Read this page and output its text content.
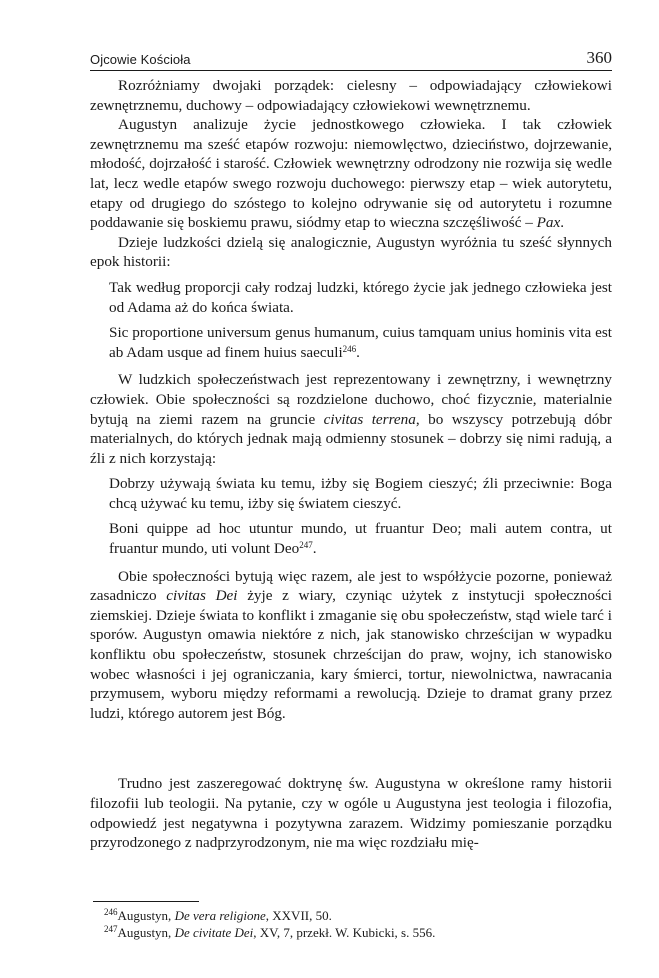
Ojcowie Kościoła	360

Rozróżniamy dwojaki porządek: cielesny – odpowiadający człowiekowi zewnętrznemu, duchowy – odpowiadający człowiekowi wewnętrznemu.

Augustyn analizuje życie jednostkowego człowieka. I tak człowiek zewnętrznemu ma sześć etapów rozwoju: niemowlęctwo, dzieciństwo, dojrzewanie, młodość, dojrzałość i starość. Człowiek wewnętrzny odrodzony nie rozwija się wedle lat, lecz wedle etapów swego rozwoju duchowego: pierwszy etap – wiek autorytetu, etapy od drugiego do szóstego to kolejno odrywanie się od autorytetu i rozumne poddawanie się boskiemu prawu, siódmy etap to wieczna szczęśliwość – Pax.

Dzieje ludzkości dzielą się analogicznie, Augustyn wyróżnia tu sześć słynnych epok historii:

Tak według proporcji cały rodzaj ludzki, którego życie jak jednego człowieka jest od Adama aż do końca świata.

Sic proportione universum genus humanum, cuius tamquam unius hominis vita est ab Adam usque ad finem huius saeculi$^{246}$.

W ludzkich społeczeństwach jest reprezentowany i zewnętrzny, i wewnętrzny człowiek. Obie społeczności są rozdzielone duchowo, choć fizycznie, materialnie bytują na ziemi razem na gruncie civitas terrena, bo wszyscy potrzebują dóbr materialnych, do których jednak mają odmienny stosunek – dobrzy się nimi radują, a źli z nich korzystają:

Dobrzy używają świata ku temu, iżby się Bogiem cieszyć; źli przeciwnie: Boga chcą używać ku temu, iżby się światem cieszyć.

Boni quippe ad hoc utuntur mundo, ut fruantur Deo; mali autem contra, ut fruantur mundo, uti volunt Deo$^{247}$.

Obie społeczności bytują więc razem, ale jest to współżycie pozorne, ponieważ zasadniczo civitas Dei żyje z wiary, czyniąc użytek z instytucji społeczności ziemskiej. Dzieje świata to konflikt i zmaganie się obu społeczeństw, stąd wiele tarć i sporów. Augustyn omawia niektóre z nich, jak stanowisko chrześcijan w wypadku konfliktu obu społeczeństw, stosunek chrześcijan do praw, wojny, ich stanowisko wobec własności i jej ograniczania, kary śmierci, tortur, niewolnictwa, nawracania przymusem, wyboru między reformami a rewolucją. Dzieje to dramat grany przez ludzi, którego autorem jest Bóg.

Trudno jest zaszeregować doktrynę św. Augustyna w określone ramy historii filozofii lub teologii. Na pytanie, czy w ogóle u Augustyna jest teologia i filozofia, odpowiedź jest negatywna i pozytywna zarazem. Widzimy pomieszanie porządku przyrodzonego z nadprzyrodzonym, nie ma więc rozdziału mię-

$^{246}$Augustyn, De vera religione, XXVII, 50.
$^{247}$Augustyn, De civitate Dei, XV, 7, przekł. W. Kubicki, s. 556.
